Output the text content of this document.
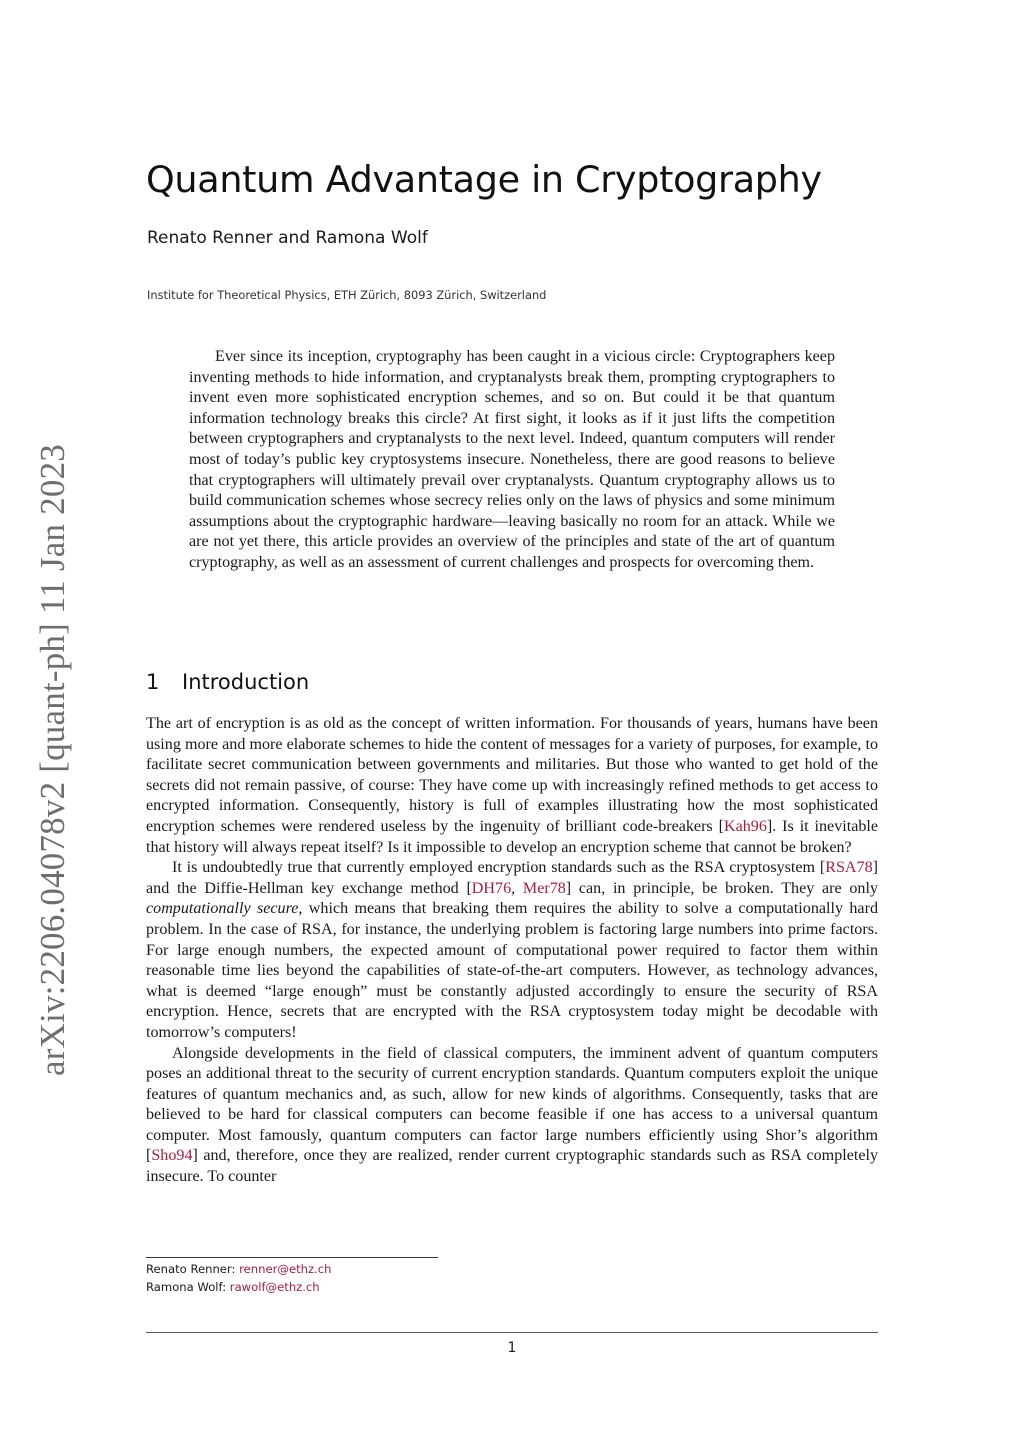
arXiv:2206.04078v2 [quant-ph] 11 Jan 2023
Quantum Advantage in Cryptography
Renato Renner and Ramona Wolf
Institute for Theoretical Physics, ETH Zürich, 8093 Zürich, Switzerland

Ever since its inception, cryptography has been caught in a vicious circle: Cryptographers keep inventing methods to hide information, and cryptanalysts break them, prompting cryptographers to invent even more sophisticated encryption schemes, and so on. But could it be that quantum information technology breaks this circle? At first sight, it looks as if it just lifts the competition between cryptographers and cryptanalysts to the next level. Indeed, quantum computers will render most of today’s public key cryptosystems insecure. Nonetheless, there are good reasons to believe that cryptographers will ultimately prevail over cryptanalysts. Quantum cryptography allows us to build communication schemes whose secrecy relies only on the laws of physics and some minimum assumptions about the cryptographic hardware—leaving basically no room for an attack. While we are not yet there, this article provides an overview of the principles and state of the art of quantum cryptography, as well as an assessment of current challenges and prospects for overcoming them.

1 Introduction

The art of encryption is as old as the concept of written information. For thousands of years, humans have been using more and more elaborate schemes to hide the content of messages for a variety of purposes, for example, to facilitate secret communication between governments and militaries. But those who wanted to get hold of the secrets did not remain passive, of course: They have come up with increasingly refined methods to get access to encrypted information. Consequently, history is full of examples illustrating how the most sophisticated encryption schemes were rendered useless by the ingenuity of brilliant code-breakers [Kah96]. Is it inevitable that history will always repeat itself? Is it impossible to develop an encryption scheme that cannot be broken?

It is undoubtedly true that currently employed encryption standards such as the RSA cryptosystem [RSA78] and the Diffie-Hellman key exchange method [DH76, Mer78] can, in principle, be broken. They are only computationally secure, which means that breaking them requires the ability to solve a computationally hard problem. In the case of RSA, for instance, the underlying problem is factoring large numbers into prime factors. For large enough numbers, the expected amount of computational power required to factor them within reasonable time lies beyond the capabilities of state-of-the-art computers. However, as technology advances, what is deemed “large enough” must be constantly adjusted accordingly to ensure the security of RSA encryption. Hence, secrets that are encrypted with the RSA cryptosystem today might be decodable with tomorrow’s computers!

Alongside developments in the field of classical computers, the imminent advent of quantum computers poses an additional threat to the security of current encryption standards. Quantum computers exploit the unique features of quantum mechanics and, as such, allow for new kinds of algorithms. Consequently, tasks that are believed to be hard for classical computers can become feasible if one has access to a universal quantum computer. Most famously, quantum computers can factor large numbers efficiently using Shor’s algorithm [Sho94] and, therefore, once they are realized, render current cryptographic standards such as RSA completely insecure. To counter

Renato Renner: renner@ethz.ch
Ramona Wolf: rawolf@ethz.ch
1
